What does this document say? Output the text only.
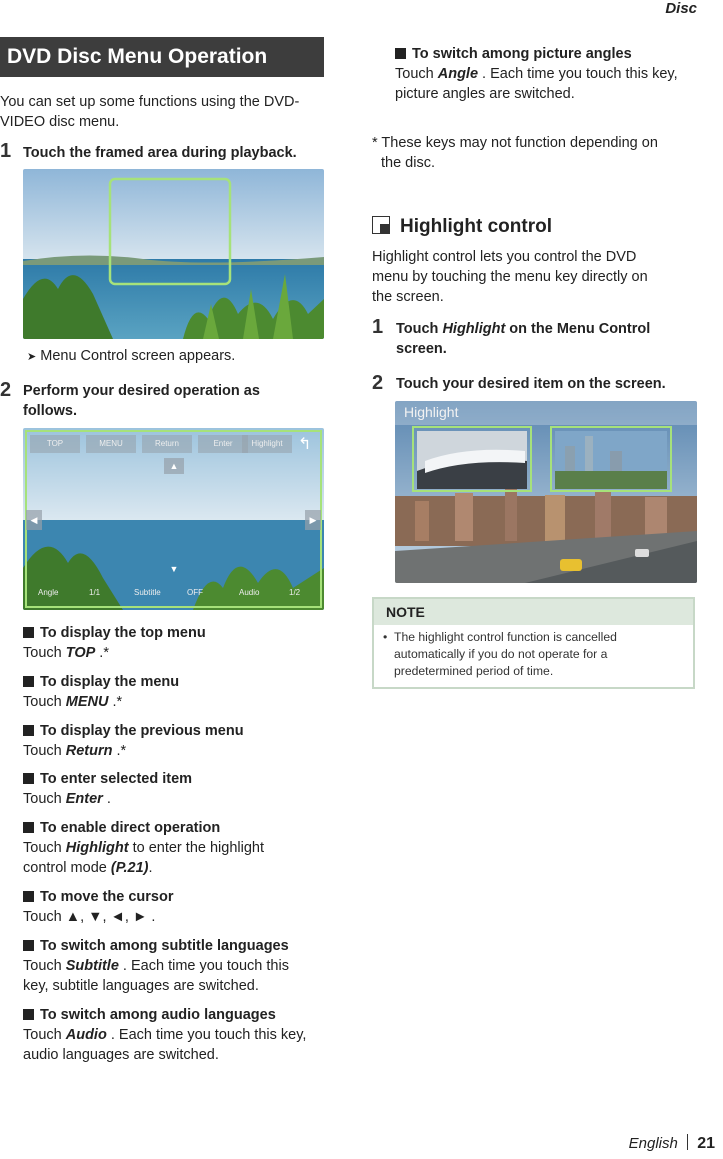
Disc
DVD Disc Menu Operation
You can set up some functions using the DVD-VIDEO disc menu.
1 Touch the framed area during playback.
➤ Menu Control screen appears.
2 Perform your desired operation as follows.
TOP	MENU	Return	Enter	Highlight ↰
▲
◀	▶
▼
Angle	1/1	Subtitle	OFF	Audio	1/2
To display the top menu
Touch TOP .*
To display the menu
Touch MENU .*
To display the previous menu
Touch Return .*
To enter selected item
Touch Enter .
To enable direct operation
Touch Highlight to enter the highlight
control mode (P.21).
To move the cursor
Touch ▲, ▼, ◄, ► .
To switch among subtitle languages
Touch Subtitle . Each time you touch this
key, subtitle languages are switched.
To switch among audio languages
Touch Audio . Each time you touch this key,
audio languages are switched.
To switch among picture angles
Touch Angle . Each time you touch this key,
picture angles are switched.
* These keys may not function depending on
the disc.
Highlight control
Highlight control lets you control the DVD
menu by touching the menu key directly on
the screen.
1 Touch Highlight on the Menu Control
screen.
2 Touch your desired item on the screen.
Highlight
NOTE
• The highlight control function is cancelled
automatically if you do not operate for a
predetermined period of time.
English 21
